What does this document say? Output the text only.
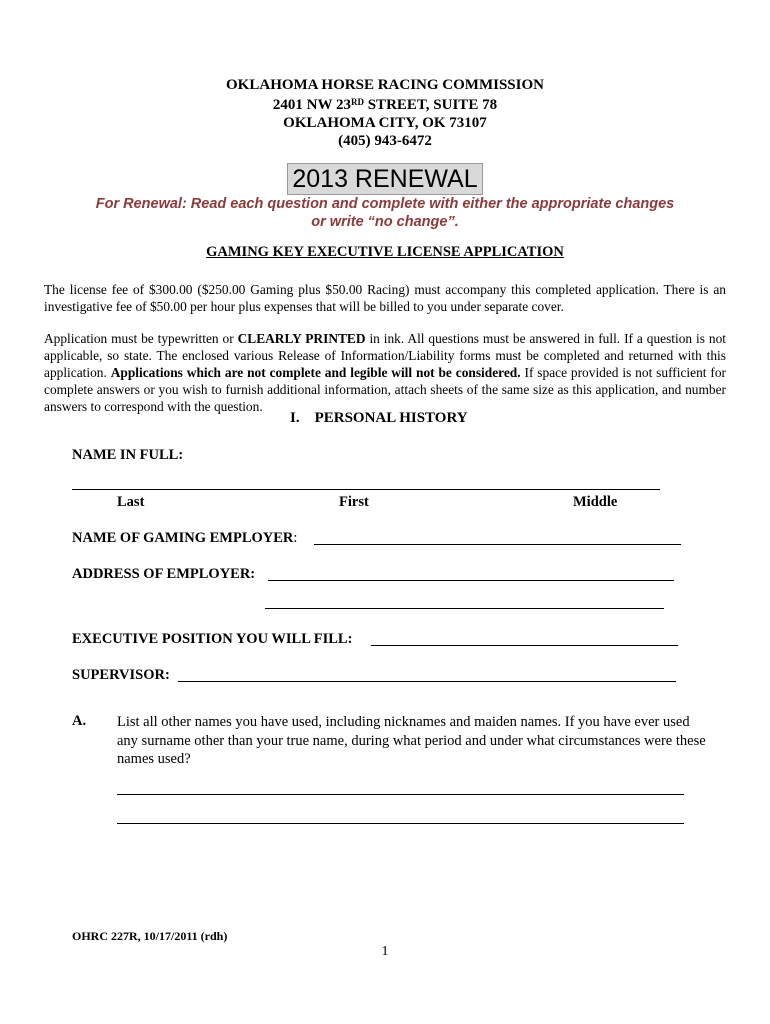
OKLAHOMA HORSE RACING COMMISSION
2401 NW 23RD STREET, SUITE 78
OKLAHOMA CITY, OK 73107
(405) 943-6472
2013 RENEWAL
For Renewal: Read each question and complete with either the appropriate changes
or write “no change”.
GAMING KEY EXECUTIVE LICENSE APPLICATION
The license fee of $300.00 ($250.00 Gaming plus $50.00 Racing) must accompany this completed application. There is an investigative fee of $50.00 per hour plus expenses that will be billed to you under separate cover.
Application must be typewritten or CLEARLY PRINTED in ink. All questions must be answered in full. If a question is not applicable, so state. The enclosed various Release of Information/Liability forms must be completed and returned with this application. Applications which are not complete and legible will not be considered. If space provided is not sufficient for complete answers or you wish to furnish additional information, attach sheets of the same size as this application, and number answers to correspond with the question.
I. PERSONAL HISTORY
NAME IN FULL:
Last	First	Middle
NAME OF GAMING EMPLOYER:
ADDRESS OF EMPLOYER:
EXECUTIVE POSITION YOU WILL FILL:
SUPERVISOR:
A. List all other names you have used, including nicknames and maiden names. If you have ever used any surname other than your true name, during what period and under what circumstances were these names used?
OHRC 227R, 10/17/2011 (rdh)
1
